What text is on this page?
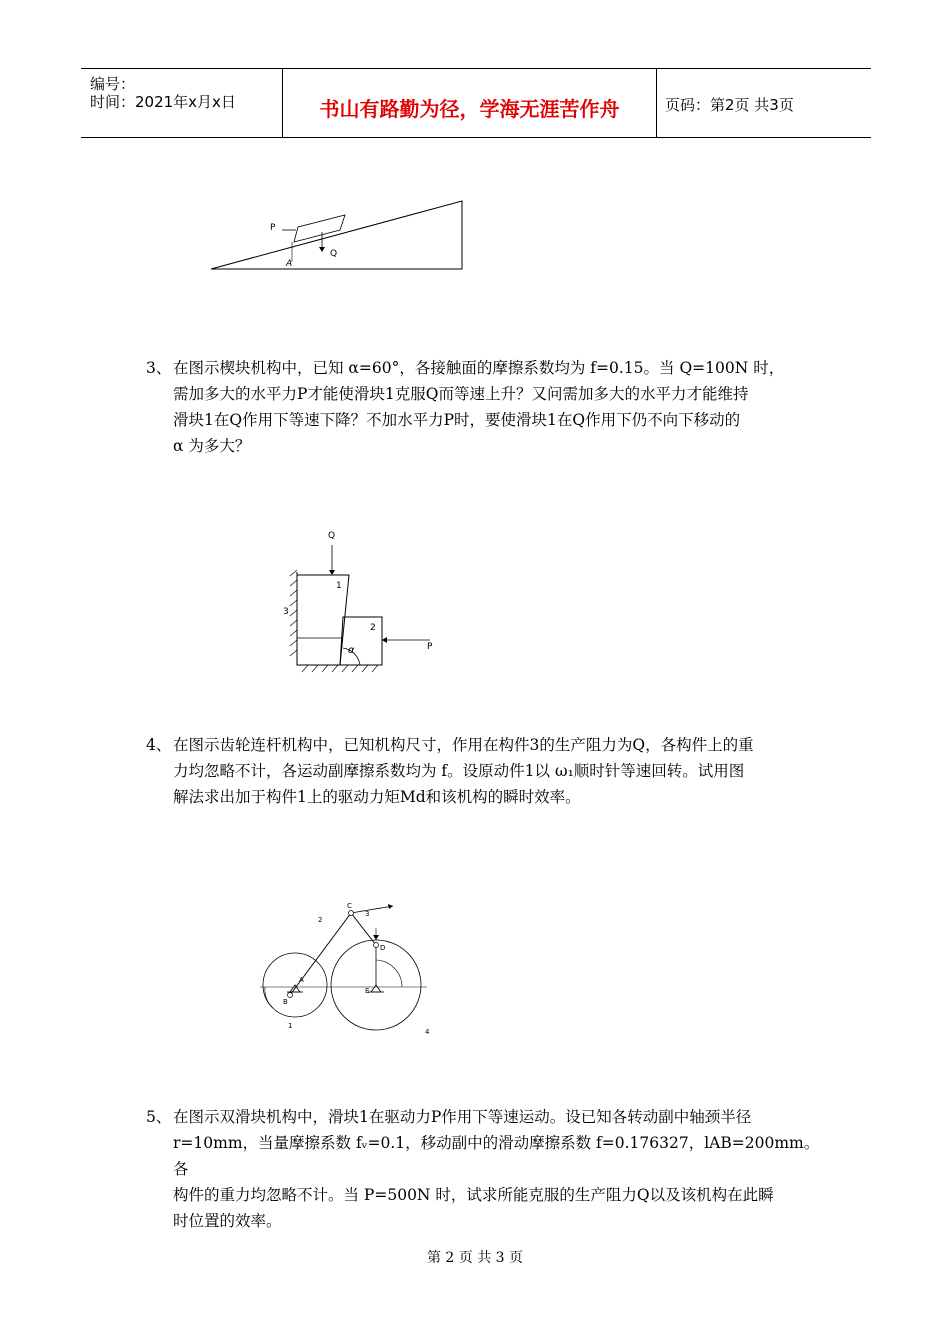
编号：
时间：2021年x月x日	书山有路勤为径，学海无涯苦作舟	页码：第2页 共3页
P
Q
A
3、 在图示楔块机构中，已知 α=60°，各接触面的摩擦系数均为 f=0.15。当 Q=100N 时，

需加多大的水平力P才能使滑块1克服Q而等速上升？又问需加多大的水平力才能维持

滑块1在Q作用下等速下降？不加水平力P时，要使滑块1在Q作用下仍不向下移动的

α 为多大？

Q
1
2
3
P
α
4、 在图示齿轮连杆机构中，已知机构尺寸，作用在构件3的生产阻力为Q，各构件上的重

力均忽略不计，各运动副摩擦系数均为 f。设原动件1以 ω₁顺时针等速回转。试用图

解法求出加于构件1上的驱动力矩Md和该机构的瞬时效率。

C
2
3
D
A
B
E
1
4
5、 在图示双滑块机构中，滑块1在驱动力P作用下等速运动。设已知各转动副中轴颈半径

r=10mm，当量摩擦系数 fᵥ=0.1，移动副中的滑动摩擦系数 f=0.176327，lAB=200mm。各

构件的重力均忽略不计。当 P=500N 时，试求所能克服的生产阻力Q以及该机构在此瞬

时位置的效率。

第 2 页 共 3 页
